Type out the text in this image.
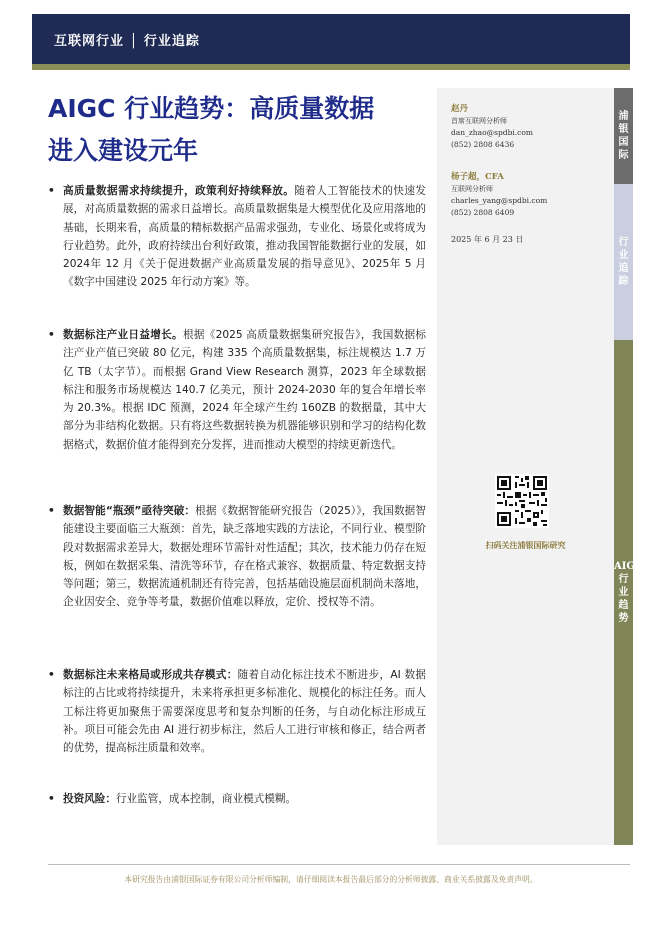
互联网行业 │ 行业追踪
AIGC 行业趋势：高质量数据
进入建设元年
• 高质量数据需求持续提升，政策利好持续释放。随着人工智能技术的快速发展，对高质量数据的需求日益增长。高质量数据集是大模型优化及应用落地的基础，长期来看，高质量的精标数据产品需求强劲，专业化、场景化或将成为行业趋势。此外，政府持续出台利好政策，推动我国智能数据行业的发展，如2024年 12 月《关于促进数据产业高质量发展的指导意见》、2025年 5 月《数字中国建设 2025 年行动方案》等。
• 数据标注产业日益增长。根据《2025 高质量数据集研究报告》，我国数据标注产业产值已突破 80 亿元，构建 335 个高质量数据集，标注规模达 1.7 万亿 TB（太字节）。而根据 Grand View Research 测算，2023 年全球数据标注和服务市场规模达 140.7 亿美元，预计 2024-2030 年的复合年增长率为 20.3%。根据 IDC 预测，2024 年全球产生约 160ZB 的数据量，其中大部分为非结构化数据。只有将这些数据转换为机器能够识别和学习的结构化数据格式，数据价值才能得到充分发挥，进而推动大模型的持续更新迭代。
• 数据智能“瓶颈”亟待突破：根据《数据智能研究报告（2025）》，我国数据智能建设主要面临三大瓶颈：首先，缺乏落地实践的方法论，不同行业、模型阶段对数据需求差异大，数据处理环节需针对性适配；其次，技术能力仍存在短板，例如在数据采集、清洗等环节，存在格式兼容、数据质量、特定数据支持等问题；第三，数据流通机制还有待完善，包括基础设施层面机制尚未落地，企业因安全、竞争等考量，数据价值难以释放，定价、授权等不清。
• 数据标注未来格局或形成共存模式：随着自动化标注技术不断进步，AI 数据标注的占比或将持续提升，未来将承担更多标准化、规模化的标注任务。而人工标注将更加聚焦于需要深度思考和复杂判断的任务，与自动化标注形成互补。项目可能会先由 AI 进行初步标注，然后人工进行审核和修正，结合两者的优势，提高标注质量和效率。
• 投资风险：行业监管，成本控制，商业模式模糊。
赵丹
首席互联网分析师
dan_zhao@spdbi.com
(852) 2808 6436
杨子超，CFA
互联网分析师
charles_yang@spdbi.com
(852) 2808 6409
2025 年 6 月 23 日
扫码关注浦银国际研究
浦银国际
行业追踪
AIGC 行业趋势
本研究报告由浦银国际证券有限公司分析师编制，请仔细阅读本报告最后部分的分析师披露、商业关系披露及免责声明。
